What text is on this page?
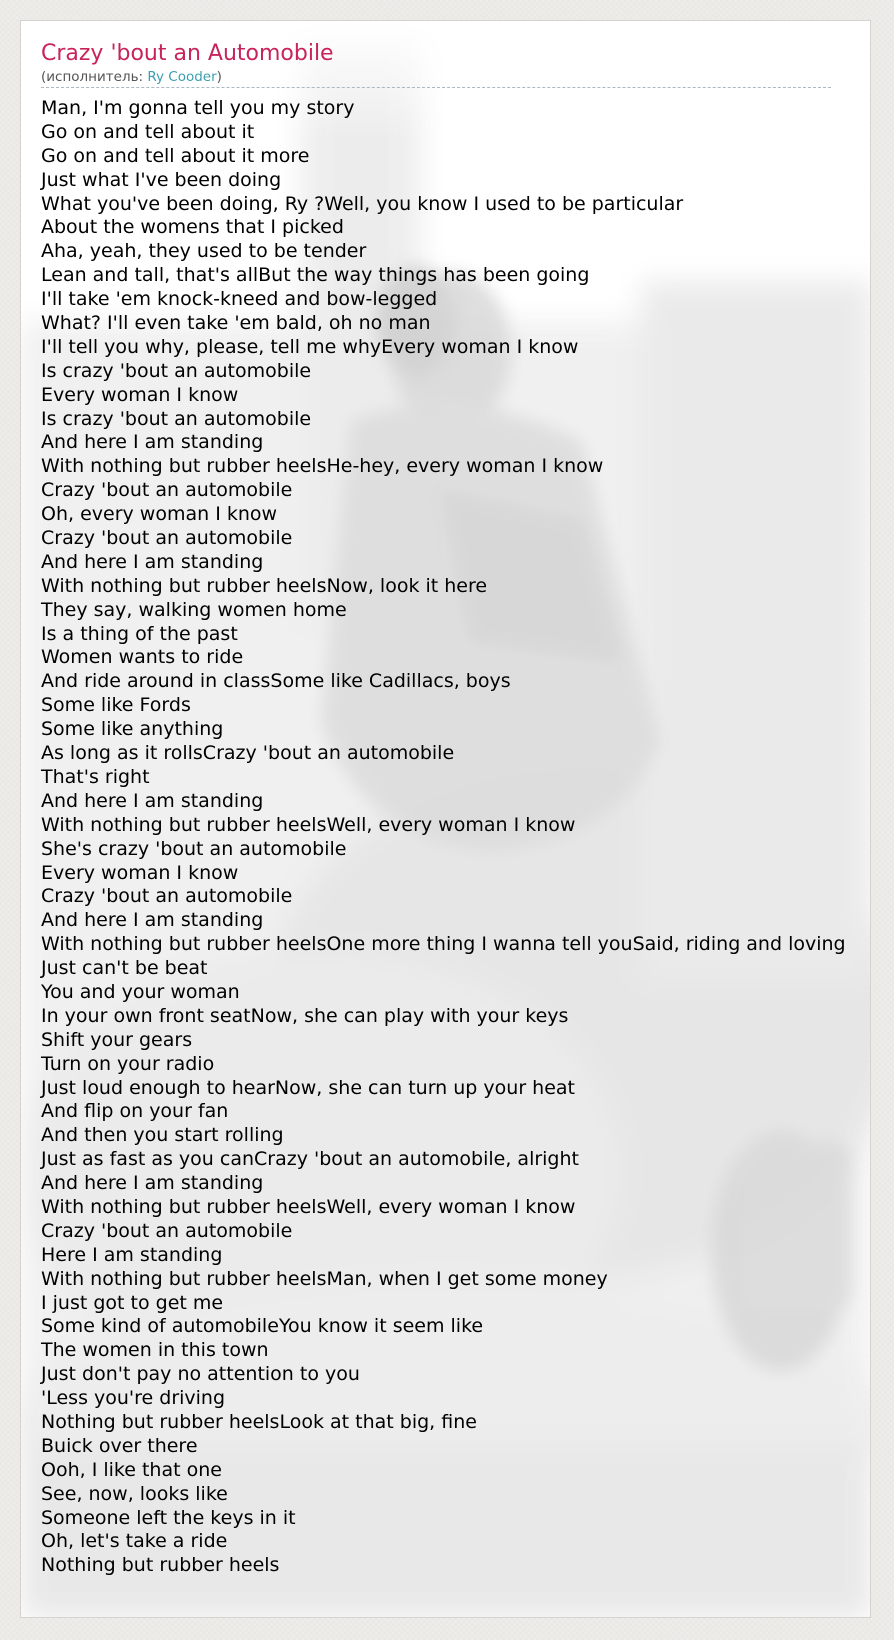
Crazy 'bout an Automobile
(исполнитель: Ry Cooder)
Man, I'm gonna tell you my story
Go on and tell about it
Go on and tell about it more
Just what I've been doing
What you've been doing, Ry ?Well, you know I used to be particular
About the womens that I picked
Aha, yeah, they used to be tender
Lean and tall, that's allBut the way things has been going
I'll take 'em knock-kneed and bow-legged
What? I'll even take 'em bald, oh no man
I'll tell you why, please, tell me whyEvery woman I know
Is crazy 'bout an automobile
Every woman I know
Is crazy 'bout an automobile
And here I am standing
With nothing but rubber heelsHe-hey, every woman I know
Crazy 'bout an automobile
Oh, every woman I know
Crazy 'bout an automobile
And here I am standing
With nothing but rubber heelsNow, look it here
They say, walking women home
Is a thing of the past
Women wants to ride
And ride around in classSome like Cadillacs, boys
Some like Fords
Some like anything
As long as it rollsCrazy 'bout an automobile
That's right
And here I am standing
With nothing but rubber heelsWell, every woman I know
She's crazy 'bout an automobile
Every woman I know
Crazy 'bout an automobile
And here I am standing
With nothing but rubber heelsOne more thing I wanna tell youSaid, riding and loving
Just can't be beat
You and your woman
In your own front seatNow, she can play with your keys
Shift your gears
Turn on your radio
Just loud enough to hearNow, she can turn up your heat
And flip on your fan
And then you start rolling
Just as fast as you canCrazy 'bout an automobile, alright
And here I am standing
With nothing but rubber heelsWell, every woman I know
Crazy 'bout an automobile
Here I am standing
With nothing but rubber heelsMan, when I get some money
I just got to get me
Some kind of automobileYou know it seem like
The women in this town
Just don't pay no attention to you
'Less you're driving
Nothing but rubber heelsLook at that big, fine
Buick over there
Ooh, I like that one
See, now, looks like
Someone left the keys in it
Oh, let's take a ride
Nothing but rubber heels
